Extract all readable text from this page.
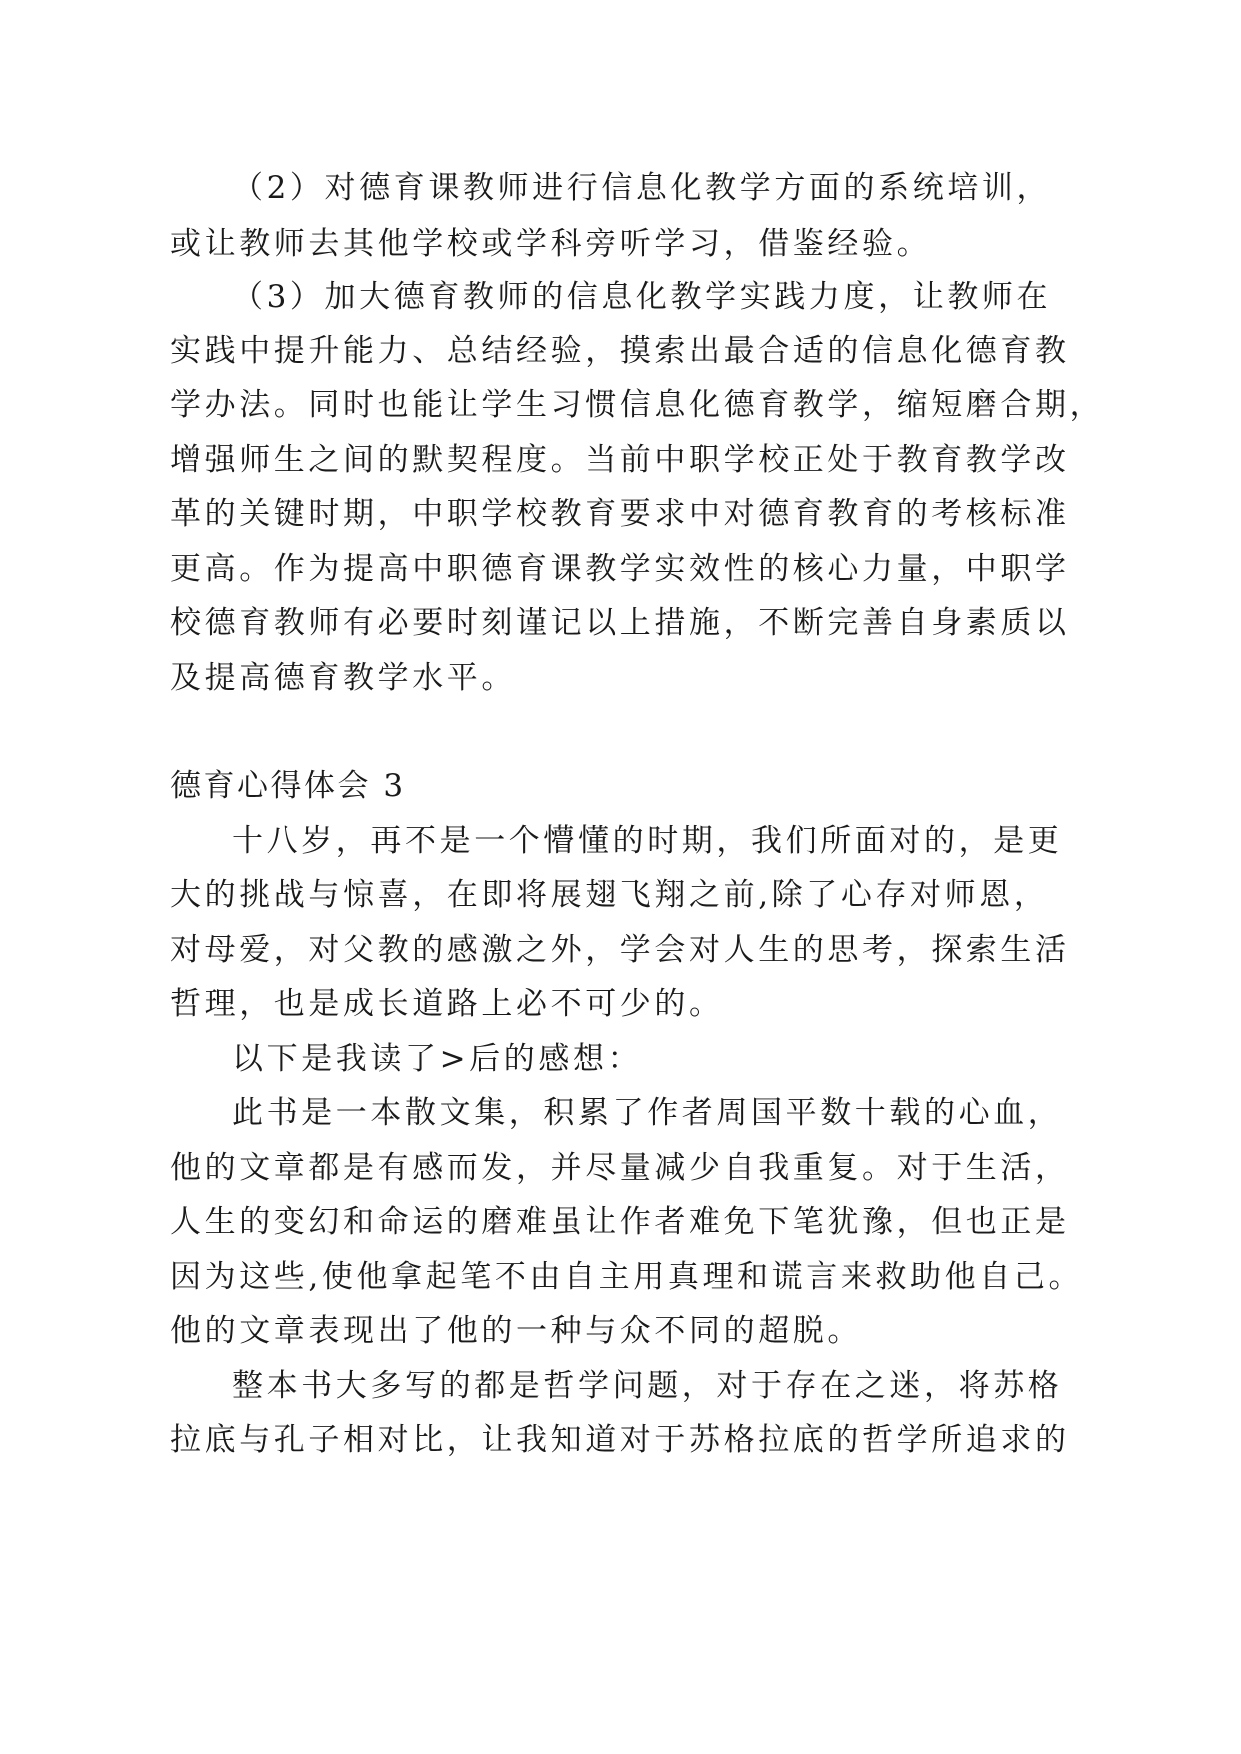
（2）对德育课教师进行信息化教学方面的系统培训，
或让教师去其他学校或学科旁听学习，借鉴经验。
（3）加大德育教师的信息化教学实践力度，让教师在
实践中提升能力、总结经验，摸索出最合适的信息化德育教
学办法。同时也能让学生习惯信息化德育教学，缩短磨合期，
增强师生之间的默契程度。当前中职学校正处于教育教学改
革的关键时期，中职学校教育要求中对德育教育的考核标准
更高。作为提高中职德育课教学实效性的核心力量，中职学
校德育教师有必要时刻谨记以上措施，不断完善自身素质以
及提高德育教学水平。
德育心得体会 3
十八岁，再不是一个懵懂的时期，我们所面对的，是更
大的挑战与惊喜，在即将展翅飞翔之前,除了心存对师恩，
对母爱，对父教的感激之外，学会对人生的思考，探索生活
哲理，也是成长道路上必不可少的。
以下是我读了>后的感想：
此书是一本散文集，积累了作者周国平数十载的心血，
他的文章都是有感而发，并尽量减少自我重复。对于生活，
人生的变幻和命运的磨难虽让作者难免下笔犹豫，但也正是
因为这些,使他拿起笔不由自主用真理和谎言来救助他自己。
他的文章表现出了他的一种与众不同的超脱。
整本书大多写的都是哲学问题，对于存在之迷，将苏格
拉底与孔子相对比，让我知道对于苏格拉底的哲学所追求的
